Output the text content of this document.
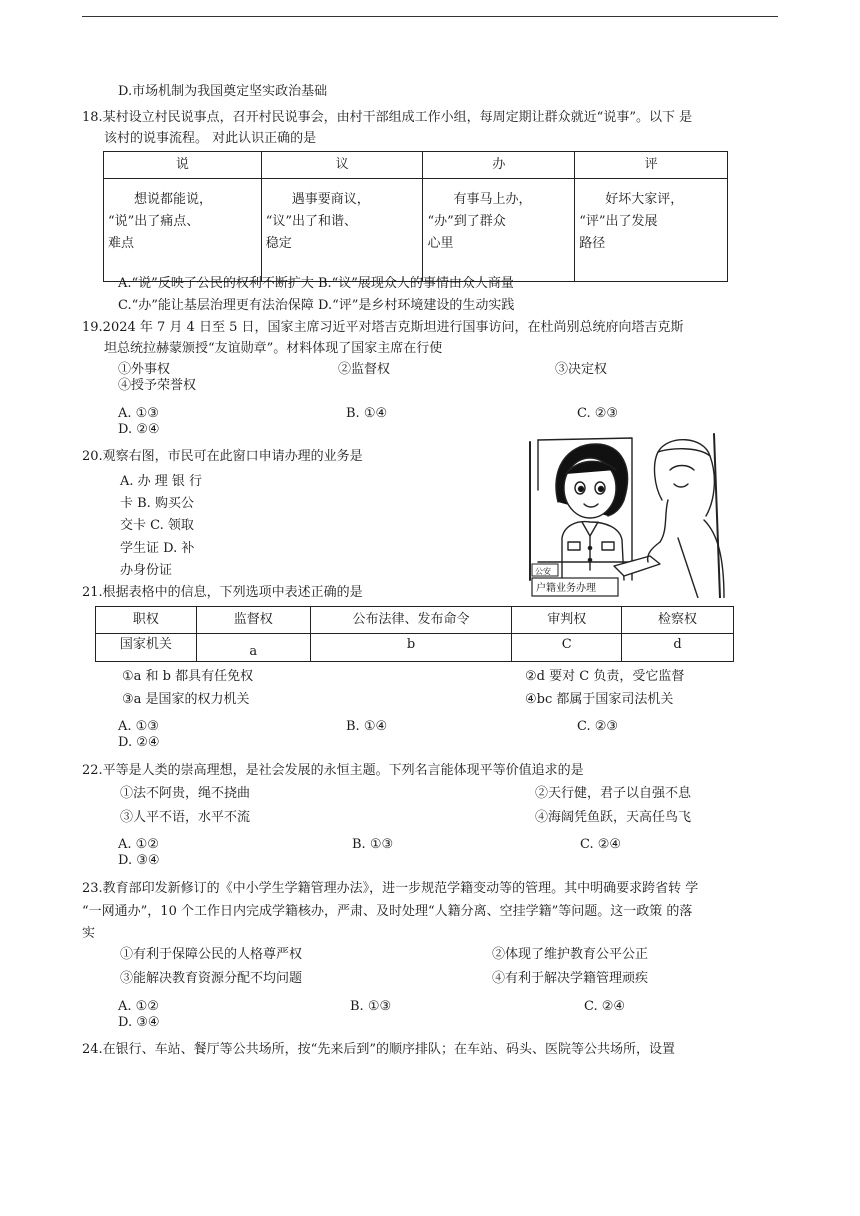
D.市场机制为我国奠定坚实政治基础
18.某村设立村民说事点，召开村民说事会，由村干部组成工作小组，每周定期让群众就近“说事”。以下 是
该村的说事流程。 对此认识正确的是
说	议	办	评
想说都能说，
“说”出了痛点、
难点	遇事要商议，
“议”出了和谐、
稳定	有事马上办，
“办”到了群众
心里	好坏大家评，
“评”出了发展
路径
A.“说”反映了公民的权利不断扩大 B.“议”展现众人的事情由众人商量
C.“办”能让基层治理更有法治保障 D.“评”是乡村环境建设的生动实践
19.2024 年 7 月 4 日至 5 日，国家主席习近平对塔吉克斯坦进行国事访问，在杜尚别总统府向塔吉克斯
坦总统拉赫蒙颁授“友谊勋章”。材料体现了国家主席在行使
①外事权	②监督权	③决定权
④授予荣誉权
A. ①③	B. ①④	C. ②③
D. ②④
20.观察右图，市民可在此窗口申请办理的业务是
A. 办 理 银 行
卡 B. 购买公
交卡 C. 领取
学生证 D. 补
办身份证
户籍业务办理
公安
21.根据表格中的信息，下列选项中表述正确的是
职权	监督权	公布法律、发布命令	审判权	检察权
国家机关	a	b	C	d
①a 和 b 都具有任免权	②d 要对 C 负责，受它监督
③a 是国家的权力机关	④bc 都属于国家司法机关
A. ①③	B. ①④	C. ②③
D. ②④
22.平等是人类的崇高理想，是社会发展的永恒主题。下列名言能体现平等价值追求的是
①法不阿贵，绳不挠曲	②天行健，君子以自强不息
③人平不语，水平不流	④海阔凭鱼跃，天高任鸟飞
A. ①②	B. ①③	C. ②④
D. ③④
23.教育部印发新修订的《中小学生学籍管理办法》，进一步规范学籍变动等的管理。其中明确要求跨省转 学
“一网通办”，10 个工作日内完成学籍核办，严肃、及时处理“人籍分离、空挂学籍”等问题。这一政策 的落
实
①有利于保障公民的人格尊严权	②体现了维护教育公平公正
③能解决教育资源分配不均问题	④有利于解决学籍管理顽疾
A. ①②	B. ①③	C. ②④
D. ③④
24.在银行、车站、餐厅等公共场所，按“先来后到”的顺序排队；在车站、码头、医院等公共场所，设置
